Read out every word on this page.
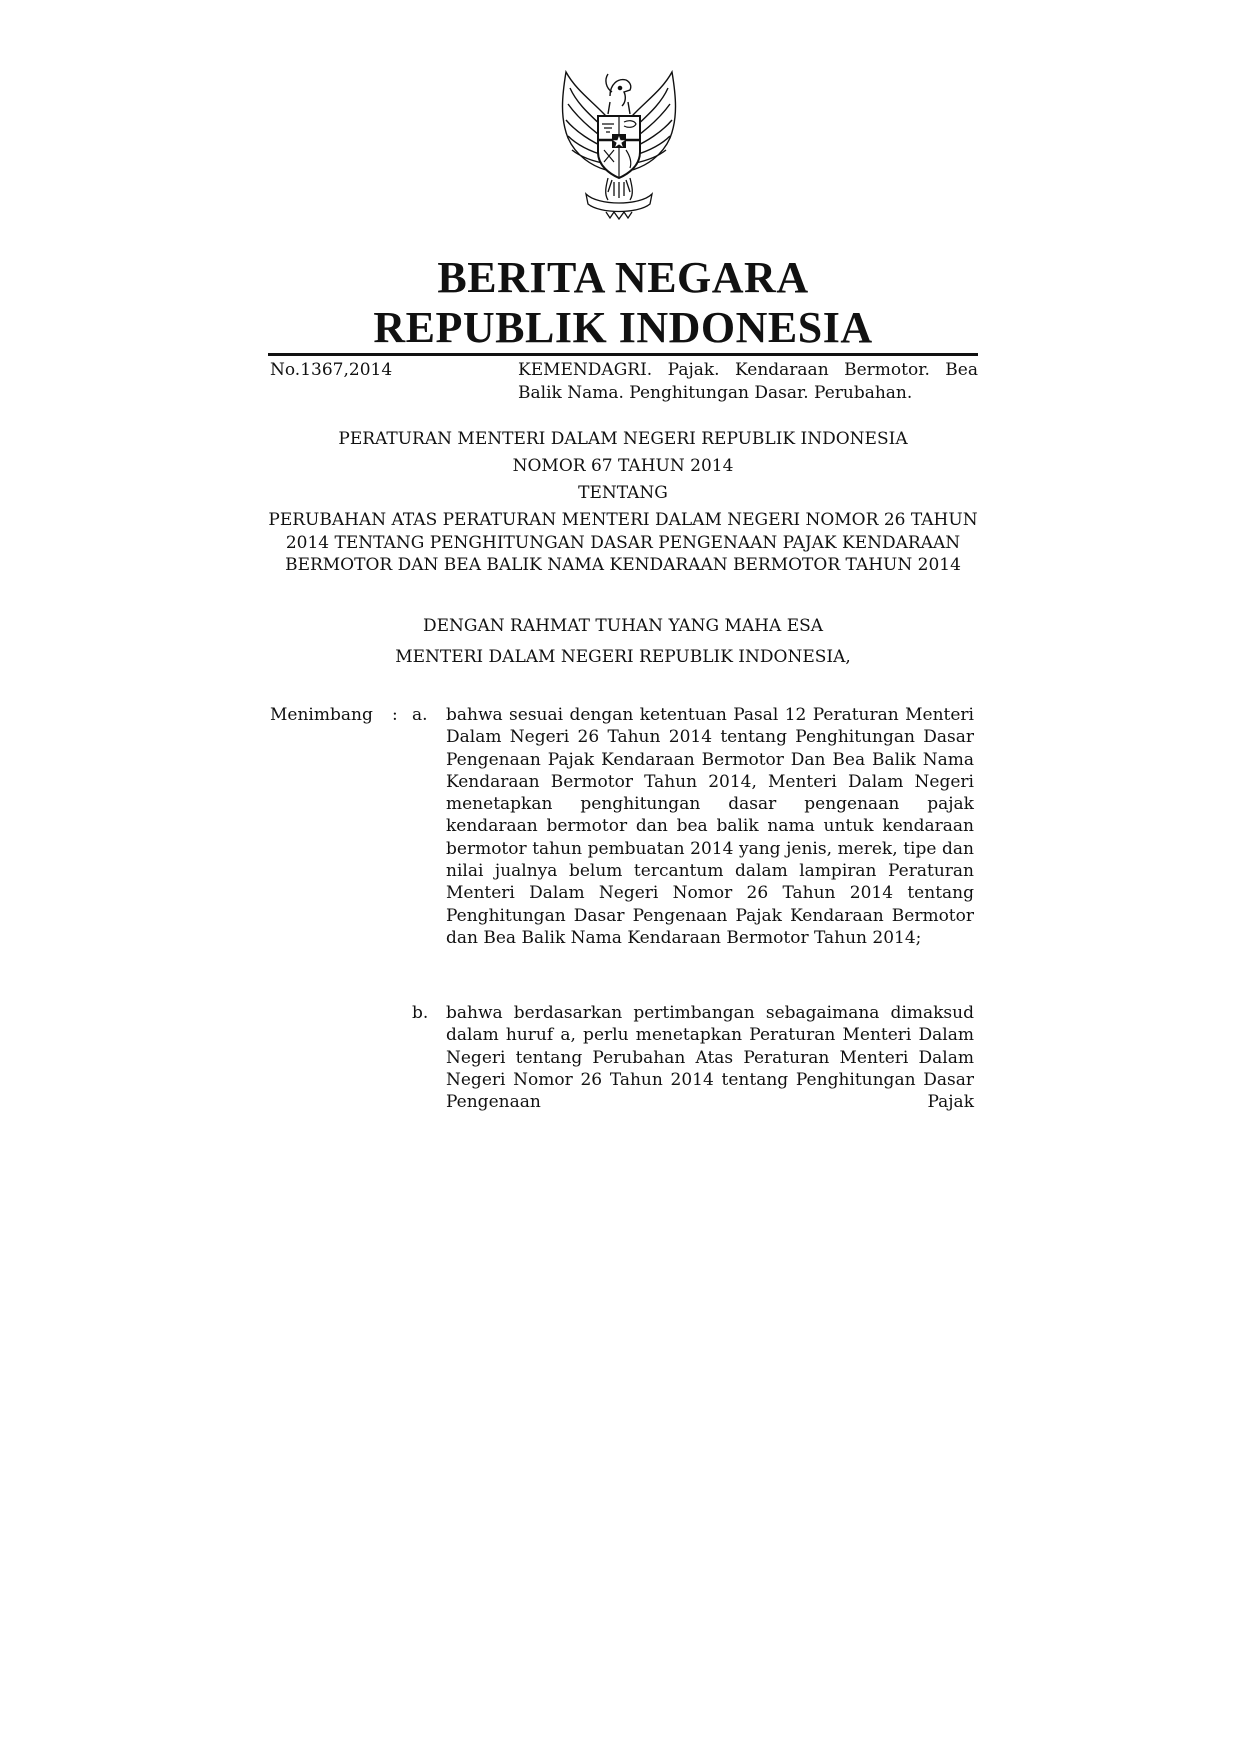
BERITA NEGARA
REPUBLIK INDONESIA
No.1367,2014	KEMENDAGRI. Pajak. Kendaraan Bermotor. Bea Balik Nama. Penghitungan Dasar. Perubahan.
PERATURAN MENTERI DALAM NEGERI REPUBLIK INDONESIA
NOMOR 67 TAHUN 2014
TENTANG
PERUBAHAN ATAS PERATURAN MENTERI DALAM NEGERI NOMOR 26 TAHUN 2014 TENTANG PENGHITUNGAN DASAR PENGENAAN PAJAK KENDARAAN BERMOTOR DAN BEA BALIK NAMA KENDARAAN BERMOTOR TAHUN 2014
DENGAN RAHMAT TUHAN YANG MAHA ESA
MENTERI DALAM NEGERI REPUBLIK INDONESIA,
Menimbang : a.	bahwa sesuai dengan ketentuan Pasal 12 Peraturan Menteri Dalam Negeri 26 Tahun 2014 tentang Penghitungan Dasar Pengenaan Pajak Kendaraan Bermotor Dan Bea Balik Nama Kendaraan Bermotor Tahun 2014, Menteri Dalam Negeri menetapkan penghitungan dasar pengenaan pajak kendaraan bermotor dan bea balik nama untuk kendaraan bermotor tahun pembuatan 2014 yang jenis, merek, tipe dan nilai jualnya belum tercantum dalam lampiran Peraturan Menteri Dalam Negeri Nomor 26 Tahun 2014 tentang Penghitungan Dasar Pengenaan Pajak Kendaraan Bermotor dan Bea Balik Nama Kendaraan Bermotor Tahun 2014;
b.	bahwa berdasarkan pertimbangan sebagaimana dimaksud dalam huruf a, perlu menetapkan Peraturan Menteri Dalam Negeri tentang Perubahan Atas Peraturan Menteri Dalam Negeri Nomor 26 Tahun 2014 tentang Penghitungan Dasar Pengenaan Pajak
